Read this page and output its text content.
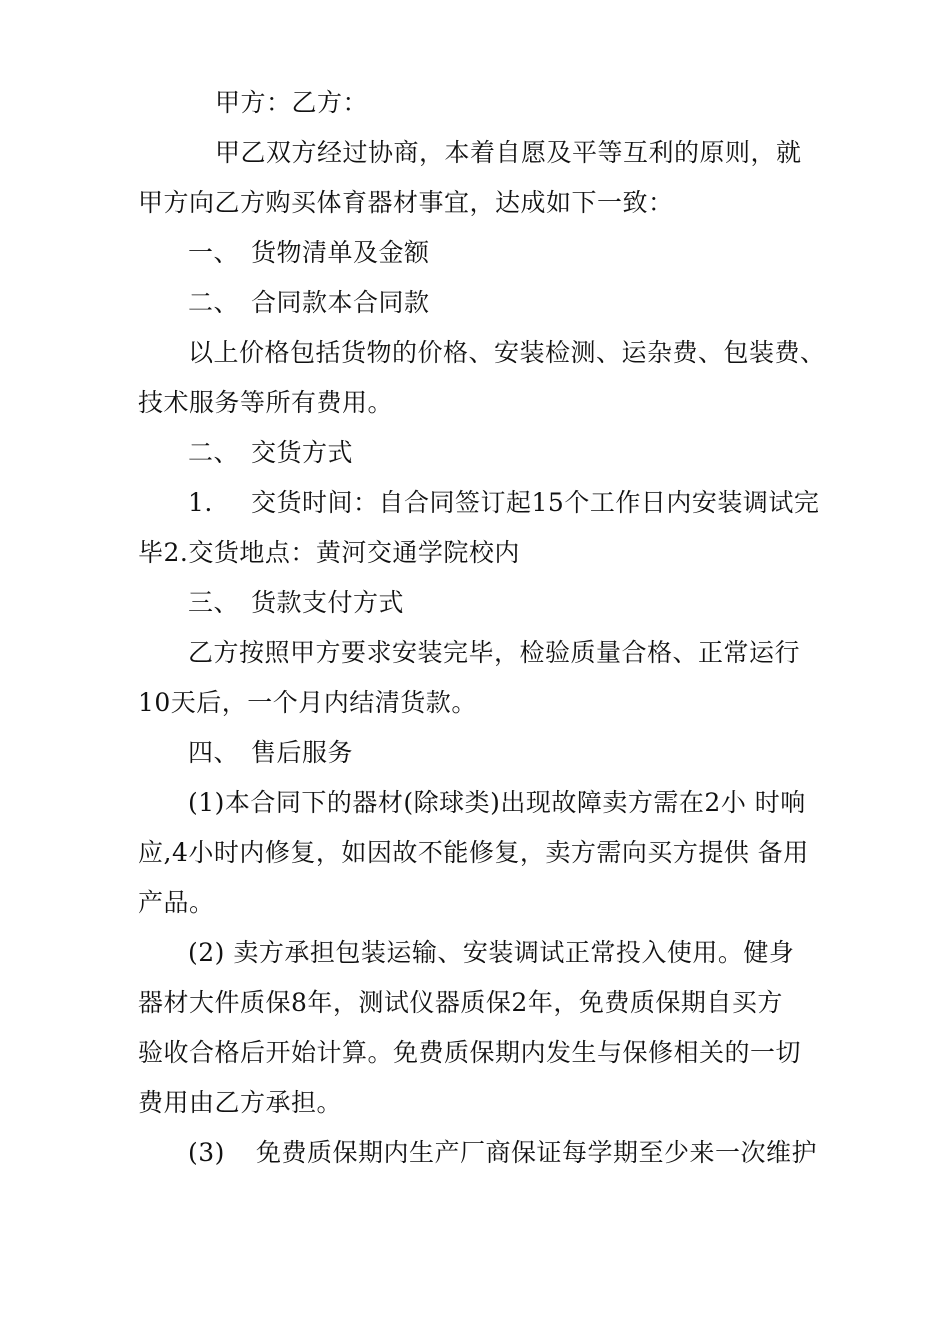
甲方：乙方：
甲乙双方经过协商，本着自愿及平等互利的原则，就
甲方向乙方购买体育器材事宜，达成如下一致：
一、 货物清单及金额
二、 合同款本合同款
以上价格包括货物的价格、安装检测、运杂费、包装费、
技术服务等所有费用。
二、 交货方式
1. 交货时间：自合同签订起15个工作日内安装调试完
毕2.交货地点：黄河交通学院校内
三、 货款支付方式
乙方按照甲方要求安装完毕，检验质量合格、正常运行
10天后，一个月内结清货款。
四、 售后服务
(1)本合同下的器材(除球类)出现故障卖方需在2小 时响
应,4小时内修复，如因故不能修复，卖方需向买方提供 备用
产品。
(2) 卖方承担包装运输、安装调试正常投入使用。健身
器材大件质保8年，测试仪器质保2年，免费质保期自买方
验收合格后开始计算。免费质保期内发生与保修相关的一切
费用由乙方承担。
(3) 免费质保期内生产厂商保证每学期至少来一次维护
